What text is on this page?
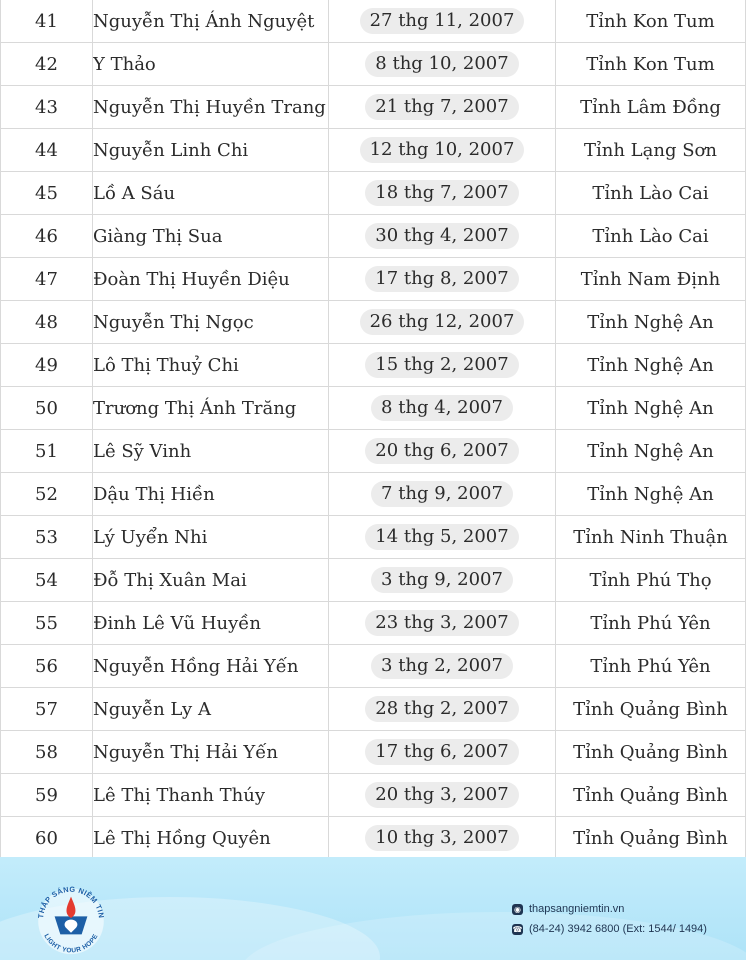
41	Nguyễn Thị Ánh Nguyệt	27 thg 11, 2007	Tỉnh Kon Tum
42	Y Thảo	8 thg 10, 2007	Tỉnh Kon Tum
43	Nguyễn Thị Huyền Trang	21 thg 7, 2007	Tỉnh Lâm Đồng
44	Nguyễn Linh Chi	12 thg 10, 2007	Tỉnh Lạng Sơn
45	Lồ A Sáu	18 thg 7, 2007	Tỉnh Lào Cai
46	Giàng Thị Sua	30 thg 4, 2007	Tỉnh Lào Cai
47	Đoàn Thị Huyền Diệu	17 thg 8, 2007	Tỉnh Nam Định
48	Nguyễn Thị Ngọc	26 thg 12, 2007	Tỉnh Nghệ An
49	Lô Thị Thuỷ Chi	15 thg 2, 2007	Tỉnh Nghệ An
50	Trương Thị Ánh Trăng	8 thg 4, 2007	Tỉnh Nghệ An
51	Lê Sỹ Vinh	20 thg 6, 2007	Tỉnh Nghệ An
52	Dậu Thị Hiền	7 thg 9, 2007	Tỉnh Nghệ An
53	Lý Uyển Nhi	14 thg 5, 2007	Tỉnh Ninh Thuận
54	Đỗ Thị Xuân Mai	3 thg 9, 2007	Tỉnh Phú Thọ
55	Đinh Lê Vũ Huyền	23 thg 3, 2007	Tỉnh Phú Yên
56	Nguyễn Hồng Hải Yến	3 thg 2, 2007	Tỉnh Phú Yên
57	Nguyễn Ly A	28 thg 2, 2007	Tỉnh Quảng Bình
58	Nguyễn Thị Hải Yến	17 thg 6, 2007	Tỉnh Quảng Bình
59	Lê Thị Thanh Thúy	20 thg 3, 2007	Tỉnh Quảng Bình
60	Lê Thị Hồng Quyên	10 thg 3, 2007	Tỉnh Quảng Bình
THẮP SÁNG NIỀM TIN
LIGHT YOUR HOPE
◉ thapsangniemtin.vn
☎ (84-24) 3942 6800 (Ext: 1544/ 1494)
